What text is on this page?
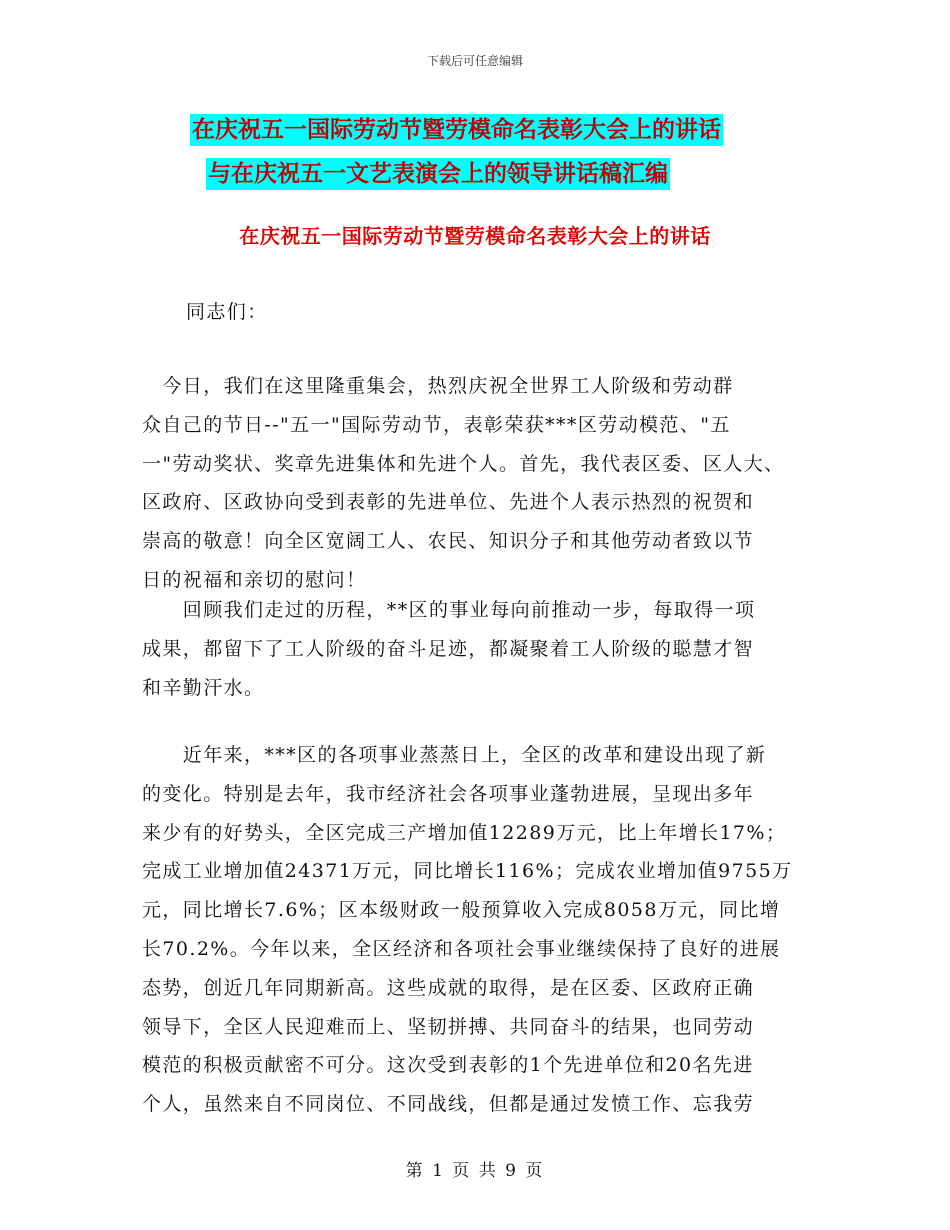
下载后可任意编辑
在庆祝五一国际劳动节暨劳模命名表彰大会上的讲话
与在庆祝五一文艺表演会上的领导讲话稿汇编
在庆祝五一国际劳动节暨劳模命名表彰大会上的讲话
同志们：
　今日，我们在这里隆重集会，热烈庆祝全世界工人阶级和劳动群
众自己的节日--"五一"国际劳动节，表彰荣获***区劳动模范、"五
一"劳动奖状、奖章先进集体和先进个人。首先，我代表区委、区人大、
区政府、区政协向受到表彰的先进单位、先进个人表示热烈的祝贺和
崇高的敬意！向全区宽阔工人、农民、知识分子和其他劳动者致以节
日的祝福和亲切的慰问！
　　回顾我们走过的历程，**区的事业每向前推动一步，每取得一项
成果，都留下了工人阶级的奋斗足迹，都凝聚着工人阶级的聪慧才智
和辛勤汗水。
　　近年来，***区的各项事业蒸蒸日上，全区的改革和建设出现了新
的变化。特别是去年，我市经济社会各项事业蓬勃进展，呈现出多年
来少有的好势头，全区完成三产增加值12289万元，比上年增长17%；
完成工业增加值24371万元，同比增长116%；完成农业增加值9755万
元，同比增长7.6%；区本级财政一般预算收入完成8058万元，同比增
长70.2%。今年以来，全区经济和各项社会事业继续保持了良好的进展
态势，创近几年同期新高。这些成就的取得，是在区委、区政府正确
领导下，全区人民迎难而上、坚韧拼搏、共同奋斗的结果，也同劳动
模范的积极贡献密不可分。这次受到表彰的1个先进单位和20名先进
个人，虽然来自不同岗位、不同战线，但都是通过发愤工作、忘我劳
第 1 页 共 9 页
